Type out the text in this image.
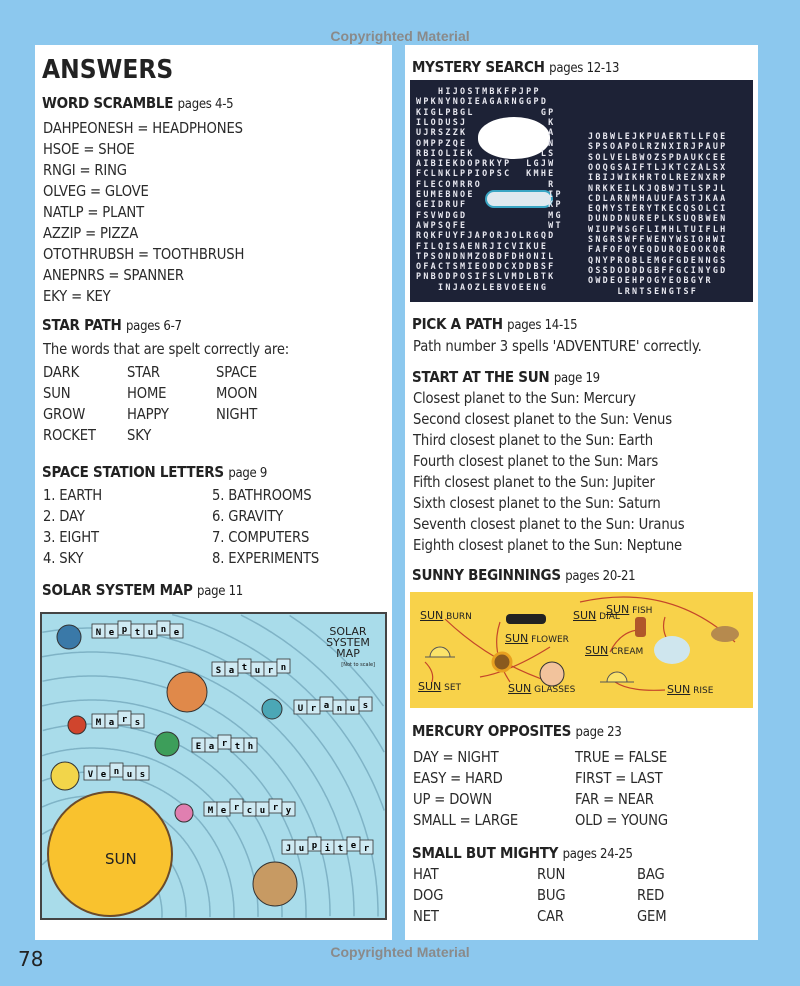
Copyrighted Material
Copyrighted Material
78
ANSWERS
WORD SCRAMBLE pages 4-5
DAHPEONESH = HEADPHONES
HSOE = SHOE
RNGI = RING
OLVEG = GLOVE
NATLP = PLANT
AZZIP = PIZZA
OTOTHRUBSH = TOOTHBRUSH
ANEPNRS = SPANNER
EKY = KEY
STAR PATH pages 6-7
The words that are spelt correctly are:
DARK	STAR	SPACE
SUN	HOME	MOON
GROW	HAPPY	NIGHT
ROCKET SKY
SPACE STATION LETTERS page 9
1. EARTH	5. BATHROOMS
2. DAY	6. GRAVITY
3. EIGHT	7. COMPUTERS
4. SKY	8. EXPERIMENTS
SOLAR SYSTEM MAP page 11
MYSTERY SEARCH pages 12-13
PICK A PATH pages 14-15
Path number 3 spells 'ADVENTURE' correctly.
START AT THE SUN page 19
Closest planet to the Sun: Mercury
Second closest planet to the Sun: Venus
Third closest planet to the Sun: Earth
Fourth closest planet to the Sun: Mars
Fifth closest planet to the Sun: Jupiter
Sixth closest planet to the Sun: Saturn
Seventh closest planet to the Sun: Uranus
Eighth closest planet to the Sun: Neptune
SUNNY BEGINNINGS pages 20-21
MERCURY OPPOSITES page 23
DAY = NIGHT	TRUE = FALSE
EASY = HARD	FIRST = LAST
UP = DOWN	FAR = NEAR
SMALL = LARGE	OLD = YOUNG
SMALL BUT MIGHTY pages 24-25
HAT	RUN	BAG
DOG	BUG	RED
NET	CAR	GEM
N e p t u n e
S a t u r n
U r a n u s
M a r s
E a r t h
V e n u s
M e r c u r y
J u p i t e r
SOLAR SYSTEM MAP
[Not to scale]
SUN
HIJOSTMBKFPJPP
WPKNYNOIEAGARNGGPD
KIGLPBGL         GP
ILODUSJ           K
UJRSZZK           A
OMPPZQE           N
RBIOLIEK         LS
AIBIEKDOPRKYP  LGJW
FCLNKLPPIOPSC  KMHE
FLECOMRRO         R
EUMEBNOE          IP
GEIDRUF           KP
FSVWDGD           MG
AWPSQFE           WT
RQKFUYFJAPORJOLRGQD
FILQISAENRJICVIKUE
TPSONDNMZOBDFDHONIL
OFACTSMIEODDCXDDBSF
PNBODPOSIFSLVMDLBTK
INJAOZLEBVOEENG
JOBWLEJKPUAERTLLFQE
SPSOAPOLRZNXIRJPAUP
SOLVELBWOZSPDAUKCEE
OOQGSAIFTLJKTCZALSX
IBIJWIKHRTOLREZNXRP
NRKKEILKJQBWJTLSPJL
CDLARNMHAUUFASTJKAA
EQMYSTERYTKECQSOLCI
DUNDDNUREPLKSUQBWEN
WIUPWSGFLIMHLTUIFLH
SNGRSWFFWENYWSIOHWI
FAFOFQYEQDURQEOOKQR
QNYPROBLEMGFGDENNGS
OSSDODDDGBFFGCINYGD
OWDEOEHPOGYEOBGYR
LRNTSENGTSF
SUN BURN	SUN DIAL
SUN FISH
SUN FLOWER
SUN CREAM
SUN SET	SUN GLASSES	SUN RISE
